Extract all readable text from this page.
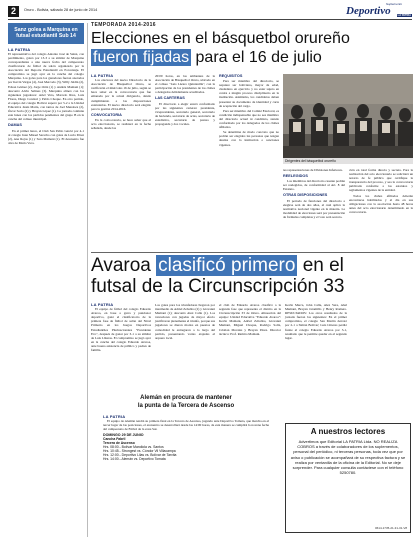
2	Oruro - Bolivia, sábado 28 de junio de 2014
Suplemento
Deportivo	LA PATRIA
Sanz golea a Marquina en futsal estudiantil Sub 14
LA PATRIA

El representativo del colegio Antonio José de Sainz, con perdimiento, goleó por 13-3 a su similar de Marquina correspondiente a una nueva fecha del campeonato clasificatorio de fútbol de salón organizado por la Asociación del Deporte Estudiantil en Porcentaje. El compromiso se jugó ayer en la cancha del colegio Marquina. Los goles para los ganadores fueron anotados por Kevin Vargas (4), José Mercado (3), Willy Jaldín (2), Edson Gómez (2), Jorge Ortiz (1) y Andrés Mamani (1); descontó Alvin Salinas (3). Marquina alineó con los siguientes jugadores: Ariel Vera, Marcelo Ríos, Luis Flores, Diego Condori y Pablo Choque. En otro partido, el equipo del colegio Bolívar superó por 5-2 a la Unidad Educativa Jesús María, con tantos de Joel Mendoza (2), Óscar Soria (2) y Brayan López (1). La jornada continúa este lunes con los partidos pendientes del grupo B en la cancha del coliseo municipal.

DAMAS

En el primer lance, el Club San Pablo venció por 4-1 al colegio Juan Misael Saracho con goles de Lucía Pérez (2), Ana Rojas (1) y Sara Mamani (1). El descuento fue obra de María Vaca.

TEMPORADA 2014-2016
Elecciones en el básquetbol orureño
fueron fijadas para el 16 de julio
LA PATRIA

Los electores del nuevo Directorio de la Asociación de Básquetbol Oruro, se verificarán el miércoles 16 de julio, según se hace saber en la convocatoria que fue emanada por la actual dirigencia, dando cumplimiento a las disposiciones estatutarias. El nuevo directorio será elegido para la gestión 2014-2016.

CONVOCATORIA

En la convocatoria, se hace saber que el acto eleccionario, se realizará en la fecha señalada, desde las

20:00 horas, en los ambientes de la Asociación de Básquetbol Oruro, ubicado en el coliseo "Luis Lázaro Quintanilla", con la participación de los presidentes de los clubes o delegados debidamente acreditados.

LAS CARTERAS

El directorio a elegir estará conformado por las siguientes carteras: presidente, vicepresidente, secretario general, secretario de hacienda, secretario de actas, secretario de estadística, secretario de prensa y propaganda y dos vocales.

REQUISITOS

Para ser miembro del directorio, se requiere ser boliviano, mayor de edad, ciudadano en ejercicio y no estar sujeto en contra a ningún proceso disciplinario en la institución. Asimismo, los candidatos deben presentar su documento de identidad y carta de aceptación del cargo.

Para ser miembro del Comité Electoral, es condición indispensable que no sea miembro del directorio actual ni candidato, siendo conformado por los delegados de los clubes afiliados.

Se determina de modo concreto que no podrán ser elegidos las personas que tengan deudas con la institución o sanciones vigentes.

Dirigentes del básquetbol orureño

tes representaciones de Divisiones Inferiores.

REELEGIDOS

Los miembros del directorio cesante podrán ser reelegidos, de conformidad al Art. 8 del Estatuto.

OTRAS DISPOSICIONES

El periodo de funciones del directorio a elegirse será de dos años, el cual aplica la normativa nacional vigente en la materia. La modalidad de elecciones será por presentación de fórmulas completas y el voto será secreto.

ción en total forma directa y secreta. Para la realización del acto eleccionario se solicitará un notario de fe pública que certifique la transparencia del proceso, y sea la convocatoria publicada conforme a los estatutos y reglamentos vigentes de la entidad.

Todos los clubes afiliados deberán encontrarse habilitados y al día en sus obligaciones con la asociación hasta 48 horas antes del acto eleccionario determinado en la convocatoria.

Avaroa clasificó primero en el
futsal de la Circunscripción 33
LA PATRIA

El equipo de fútbol del colegio Eduardo Avaroa, en base a garra y pundonor deportivo, ganó el clasificatorio de la primera fase de fútbol de salón del Nivel Primario en los Juegos Deportivos Estudiantiles Plurinacionales "Presidente Evo", después de ganar por 3-1 a su similar de Luis Lliteras. El compromiso se jugó ayer en la cancha del colegio Eduardo Avaroa, ante buena asistencia de público y padres de familia.

Los goles para los triunfadores llegaron por intermedio de Adriel Zeballos (2) y Giovanni Mamani (1); descontó Alex Calle (1). Los vencedores con jugadas de mayor efecto justificaron plenamente el triunfo, porque sus jugadores se dieron modos en puestos de comodidad le entregaron a lo largo del partido, presentando varias atajadas el arquero local.

el club de Eduardo Avaroa clasificó a la segunda fase que representa el distrito en la Circunscripción 33 de Oruro. Alineación del equipo: Unidad Educativa "Eduardo Avaroa": Kevin Mamani, Adriel Zeballos, Giovanni Mamani, Miguel Choque, Rodrigo Soliz, Cristian Morales y Brayan Pérez. Director técnico: Prof. Ramiro Mamani.

Kevin Marca, John Calle, Alex Vera, Abel Mamani, Brayan Jaramillo y Henry Romero. RESULTADOS: Los otros resultados de la jornada fueron los siguientes: En el primer compromiso, el colegio San Martín derrotó por 2-1 a Simón Bolívar; Luis Lliteras perdió frente al colegio Eduardo Avaroa por 3-1, resultado que le permite quedar en el segundo lugar.

Alemán en procura de mantener
la punta de la Tercera de Ascenso
LA PATRIA

El equipo de Alemán tendrá su primera final en la Tercera de Ascenso, jugando ante Deportivo Tomata, que marcha en el tercer lugar de las posiciones, el encuentro se desarrollará desde las 14:00 horas, de esta manera se cumplirá la novena fecha del campeonato de Fútbol de la zona Sur.

DOMINGO 29 DE JUNIO
Cancha Fabril
Tercera de Ascenso
Hrs. 08:00.- Bolívar Mandiola vs. Santos
Hrs. 10:45.- Strongest vs. Cóndor Vil Villacampa
Hrs. 12:00.- Deportivo Lilas vs. Bolívar de Tarvita
Hrs. 14:00.- Alemán vs. Deportivo Tomata
A nuestros lectores
Advertimos que Editorial LA PATRIA Ltda. NO REALIZA COBROS a través de colaboradores de los suplementos, personal del periódico, ni terceras personas, toda vez que por aviso o publicación se acompañará de su respectiva factura y se realiza por ventanilla de la oficina de la Editorial. No se deje sorprender. Para cualquier consulta contáctese con el teléfono 5250780.
0614-1735-21-31-31-V8
